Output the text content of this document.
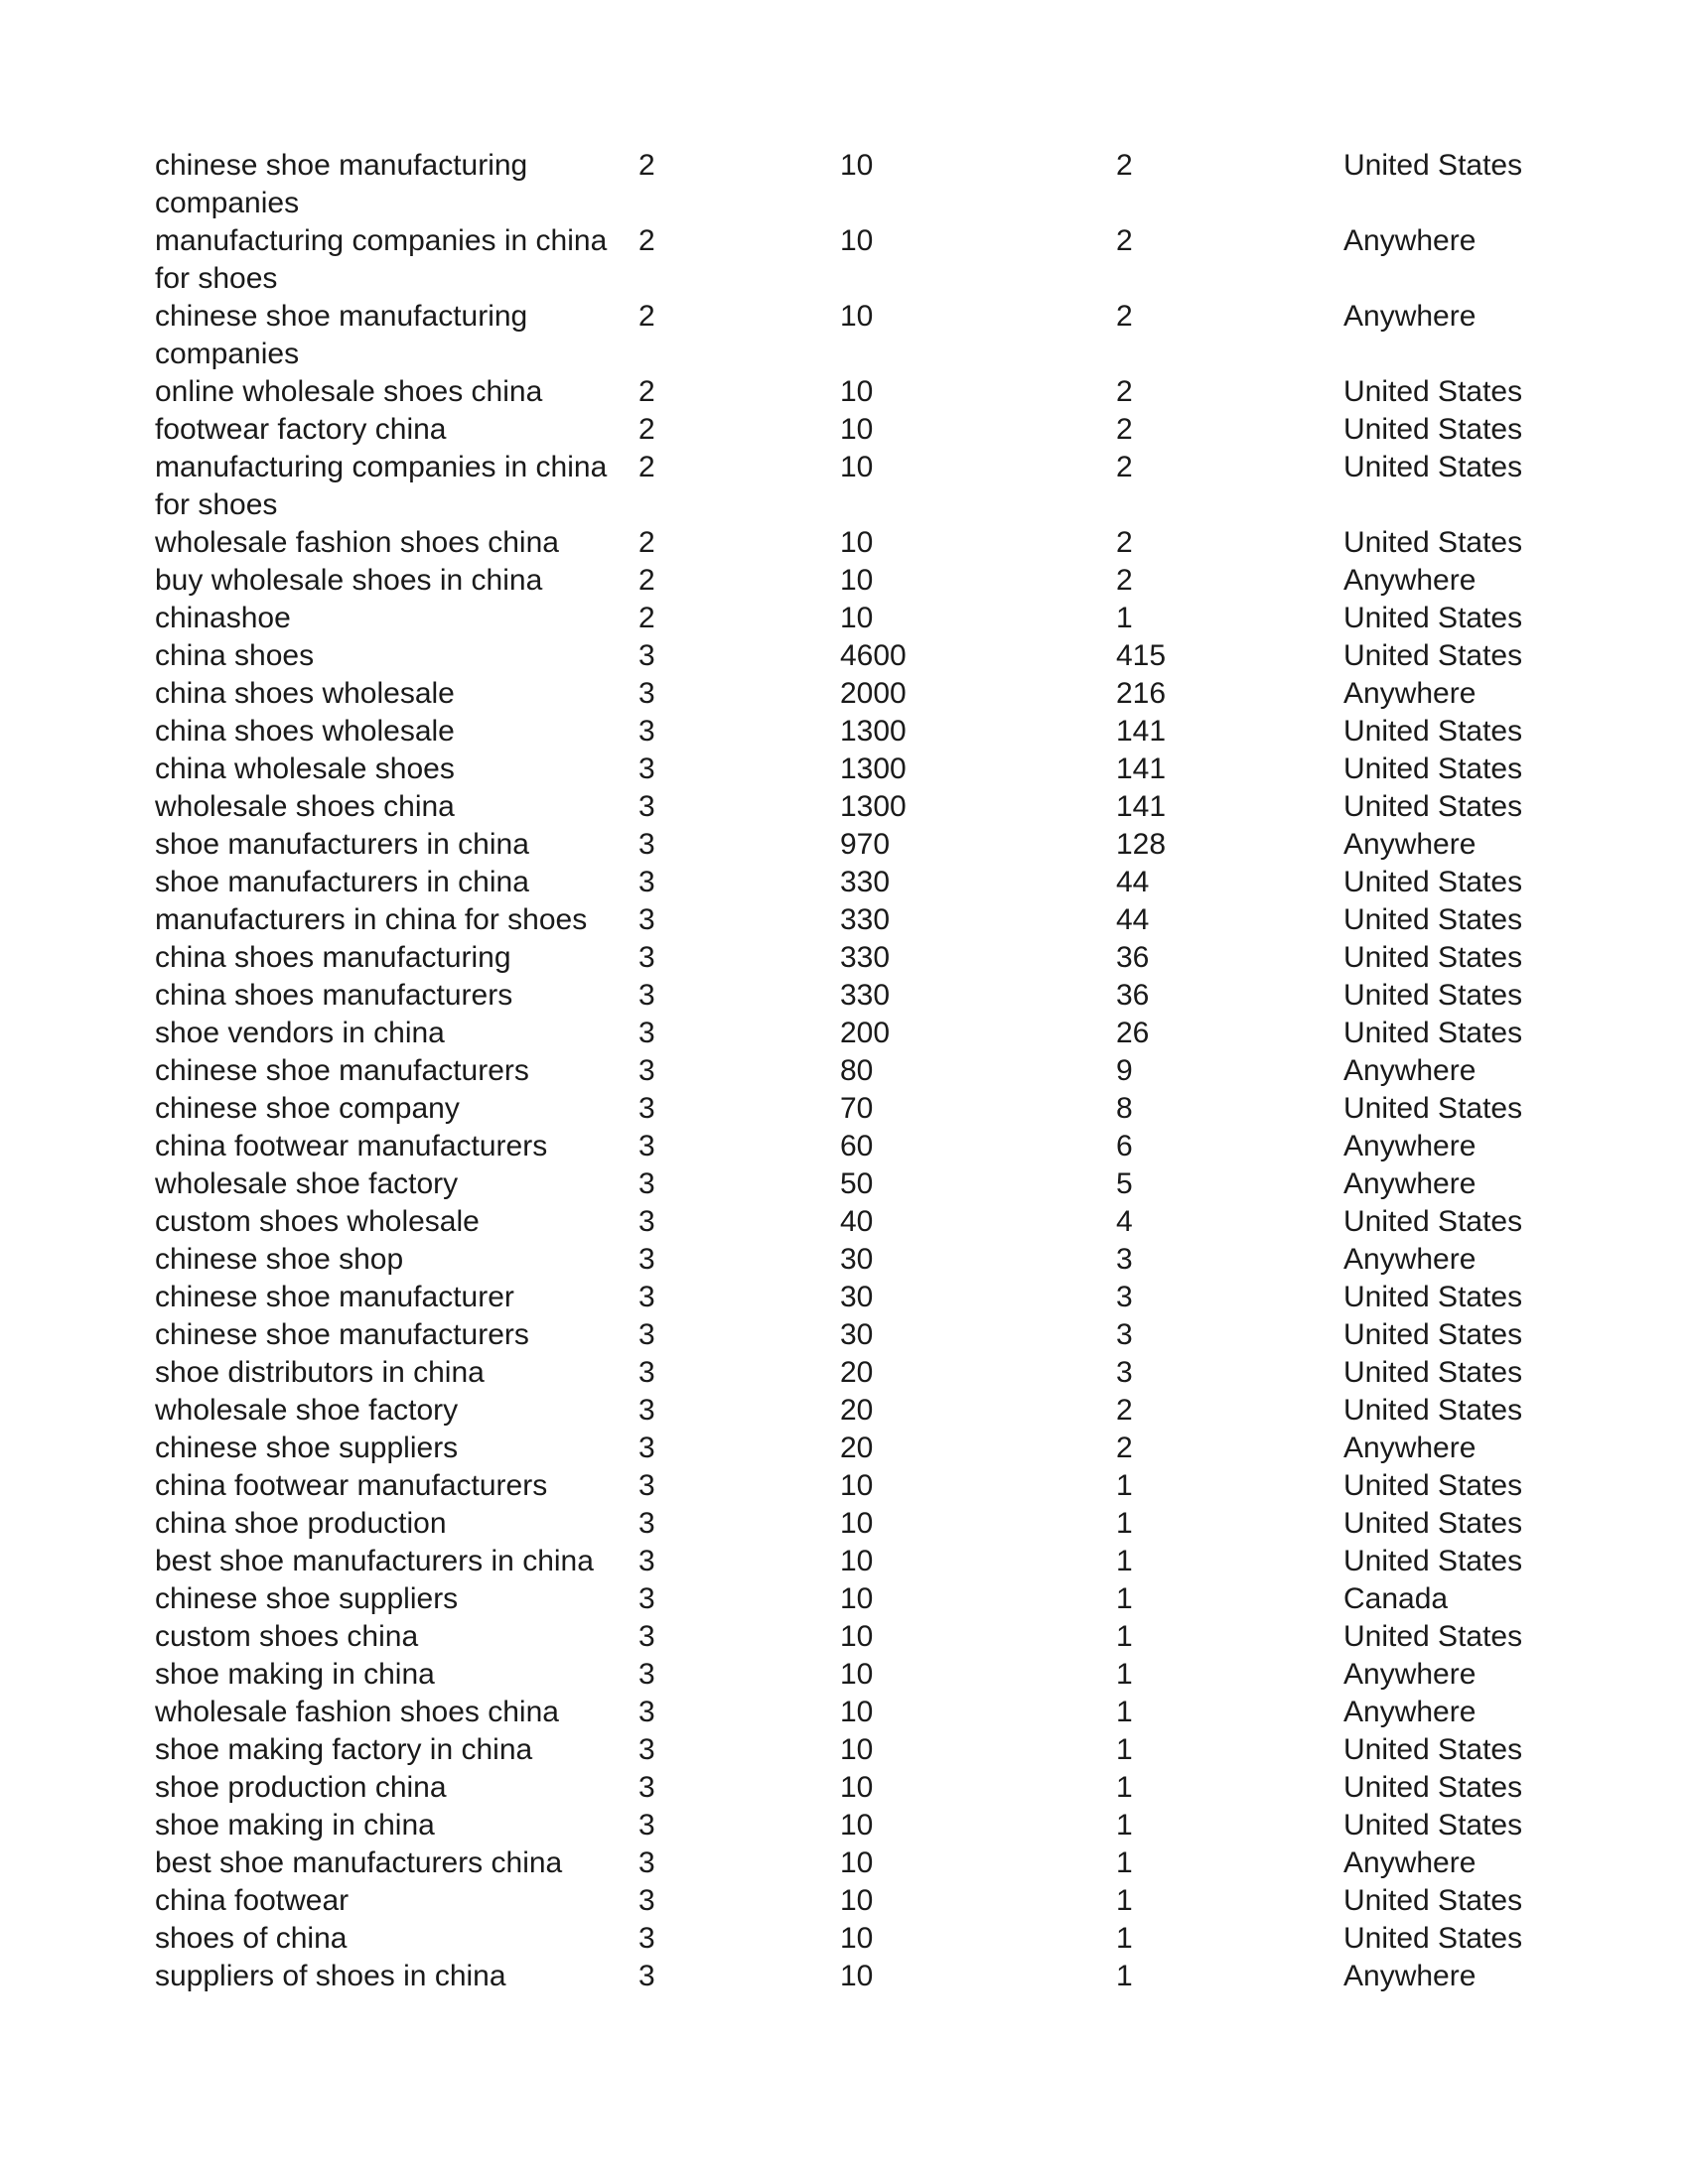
chinese shoe manufacturing companies	2	10	2	United States
manufacturing companies in china for shoes	2	10	2	Anywhere
chinese shoe manufacturing companies	2	10	2	Anywhere
online wholesale shoes china	2	10	2	United States
footwear factory china	2	10	2	United States
manufacturing companies in china for shoes	2	10	2	United States
wholesale fashion shoes china	2	10	2	United States
buy wholesale shoes in china	2	10	2	Anywhere
chinashoe	2	10	1	United States
china shoes	3	4600	415	United States
china shoes wholesale	3	2000	216	Anywhere
china shoes wholesale	3	1300	141	United States
china wholesale shoes	3	1300	141	United States
wholesale shoes china	3	1300	141	United States
shoe manufacturers in china	3	970	128	Anywhere
shoe manufacturers in china	3	330	44	United States
manufacturers in china for shoes	3	330	44	United States
china shoes manufacturing	3	330	36	United States
china shoes manufacturers	3	330	36	United States
shoe vendors in china	3	200	26	United States
chinese shoe manufacturers	3	80	9	Anywhere
chinese shoe company	3	70	8	United States
china footwear manufacturers	3	60	6	Anywhere
wholesale shoe factory	3	50	5	Anywhere
custom shoes wholesale	3	40	4	United States
chinese shoe shop	3	30	3	Anywhere
chinese shoe manufacturer	3	30	3	United States
chinese shoe manufacturers	3	30	3	United States
shoe distributors in china	3	20	3	United States
wholesale shoe factory	3	20	2	United States
chinese shoe suppliers	3	20	2	Anywhere
china footwear manufacturers	3	10	1	United States
china shoe production	3	10	1	United States
best shoe manufacturers in china	3	10	1	United States
chinese shoe suppliers	3	10	1	Canada
custom shoes china	3	10	1	United States
shoe making in china	3	10	1	Anywhere
wholesale fashion shoes china	3	10	1	Anywhere
shoe making factory in china	3	10	1	United States
shoe production china	3	10	1	United States
shoe making in china	3	10	1	United States
best shoe manufacturers china	3	10	1	Anywhere
china footwear	3	10	1	United States
shoes of china	3	10	1	United States
suppliers of shoes in china	3	10	1	Anywhere
